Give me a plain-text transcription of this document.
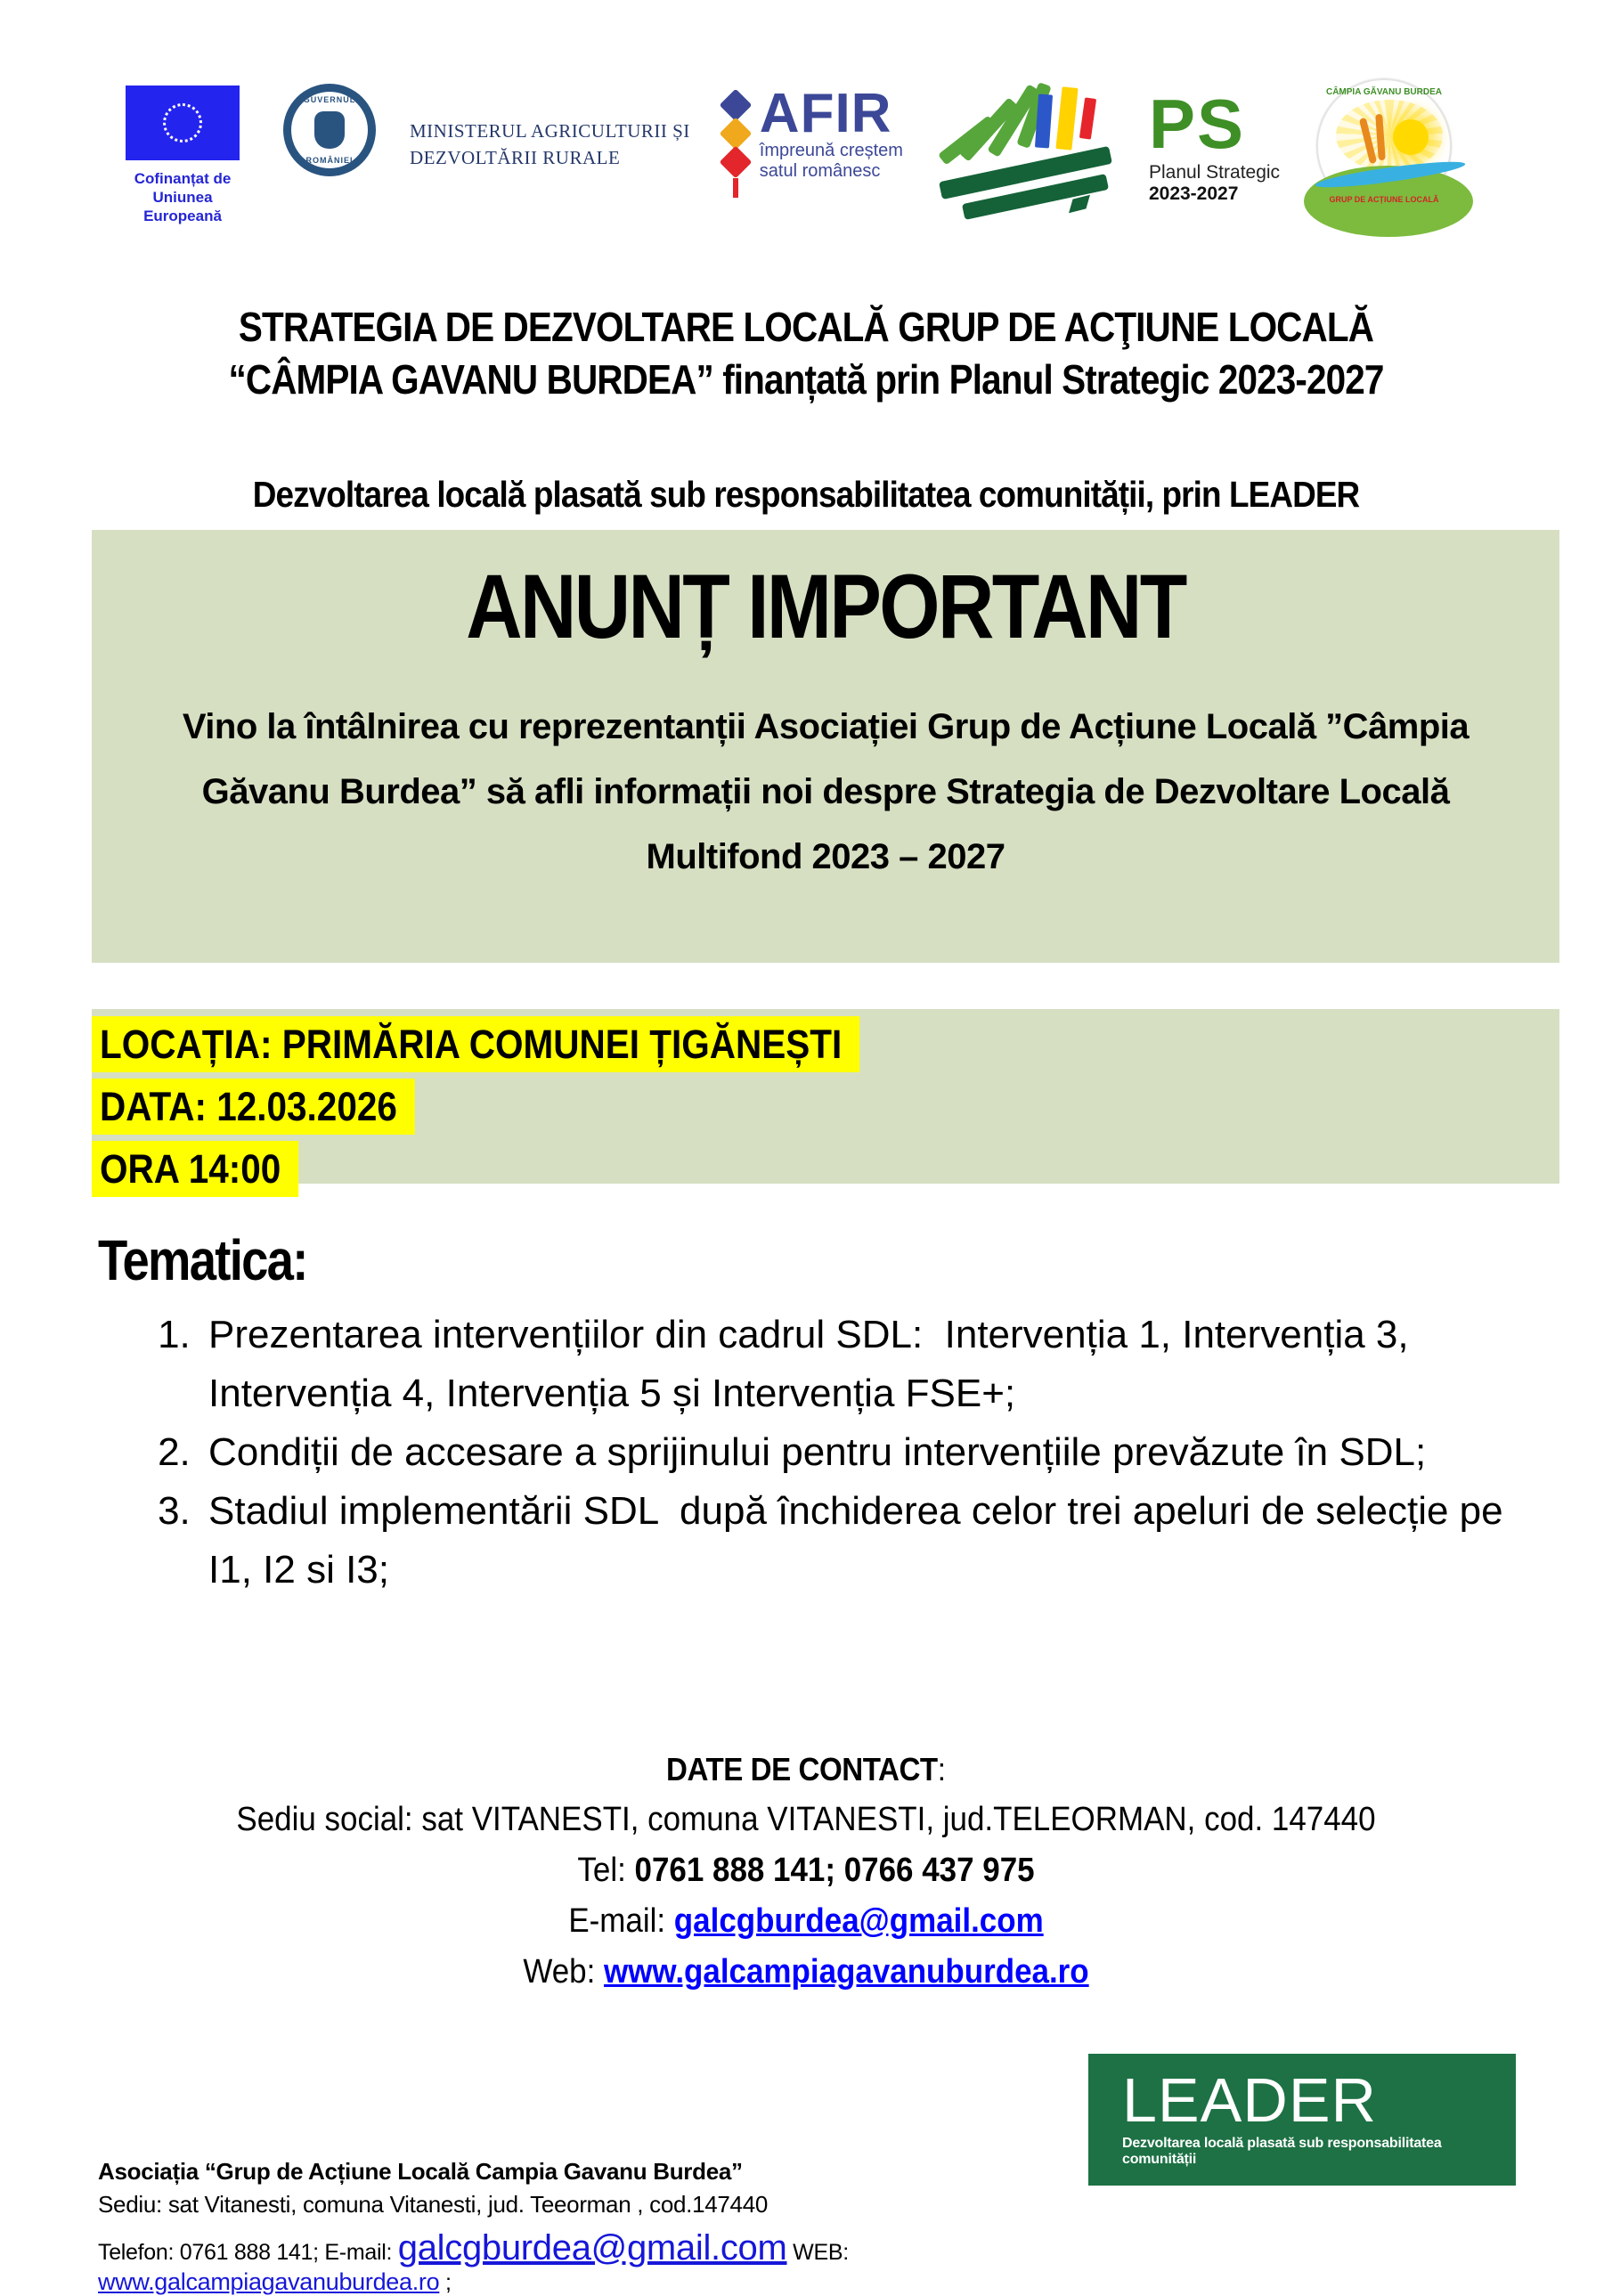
Cofinanțat de
Uniunea Europeană
GUVERNUL
ROMÂNIEI
MINISTERUL AGRICULTURII ȘI
DEZVOLTĂRII RURALE
AFIR
împreună creștem
satul românesc
PS
Planul Strategic
2023-2027
CÂMPIA GĂVANU BURDEA
GRUP DE ACȚIUNE LOCALĂ
STRATEGIA DE DEZVOLTARE LOCALĂ GRUP DE ACŢIUNE LOCALĂ
“CÂMPIA GAVANU BURDEA” finanțată prin Planul Strategic 2023-2027
Dezvoltarea locală plasată sub responsabilitatea comunității, prin LEADER
ANUNȚ IMPORTANT

Vino la întâlnirea cu reprezentanții Asociației Grup de Acțiune Locală ”Câmpia Găvanu Burdea” să afli informații noi despre Strategia de Dezvoltare Locală Multifond 2023 – 2027

LOCAȚIA: PRIMĂRIA COMUNEI ȚIGĂNEȘTI
DATA: 12.03.2026
ORA 14:00
Tematica:
1. Prezentarea intervențiilor din cadrul SDL:  Intervenția 1, Intervenția 3, Intervenția 4, Intervenția 5 și Intervenția FSE+;
2. Condiții de accesare a sprijinului pentru intervențiile prevăzute în SDL;
3. Stadiul implementării SDL  după închiderea celor trei apeluri de selecție pe I1, I2 si I3;
DATE DE CONTACT:
Sediu social: sat VITANESTI, comuna VITANESTI, jud.TELEORMAN, cod. 147440
Tel: 0761 888 141; 0766 437 975
E-mail: galcgburdea@gmail.com
Web: www.galcampiagavanuburdea.ro
LEADER
Dezvoltarea locală plasată sub responsabilitatea comunității
Asociația “Grup de Acțiune Locală Campia Gavanu Burdea”
Sediu: sat Vitanesti, comuna Vitanesti, jud. Teeorman , cod.147440
Telefon: 0761 888 141; E-mail: galcgburdea@gmail.com WEB: www.galcampiagavanuburdea.ro ;
